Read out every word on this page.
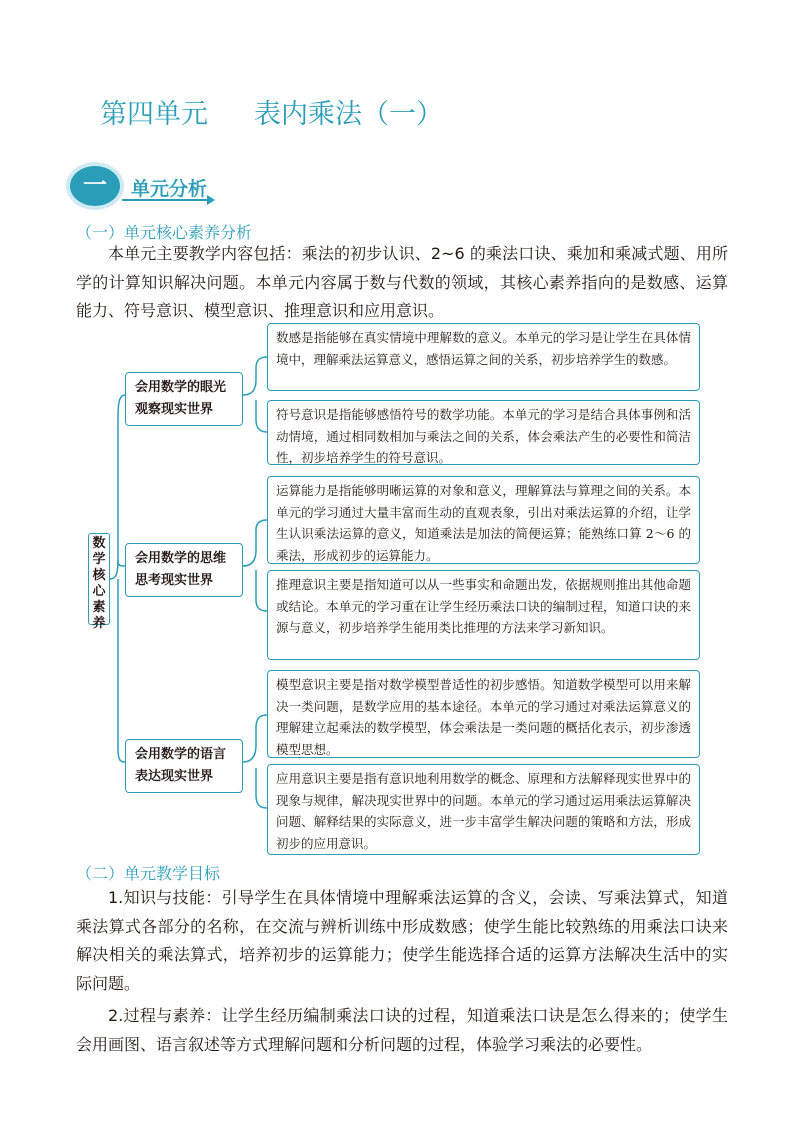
第四单元 表内乘法（一）
一	单元分析
（一）单元核心素养分析

本单元主要教学内容包括：乘法的初步认识、2~6 的乘法口诀、乘加和乘减式题、用所学的计算知识解决问题。本单元内容属于数与代数的领域，其核心素养指向的是数感、运算能力、符号意识、模型意识、推理意识和应用意识。

数学核心素养
会用数学的眼光观察现实世界
会用数学的思维思考现实世界
会用数学的语言表达现实世界
数感是指能够在真实情境中理解数的意义。本单元的学习是让学生在具体情境中，理解乘法运算意义，感悟运算之间的关系，初步培养学生的数感。
符号意识是指能够感悟符号的数学功能。本单元的学习是结合具体事例和活动情境，通过相同数相加与乘法之间的关系，体会乘法产生的必要性和简洁性，初步培养学生的符号意识。
运算能力是指能够明晰运算的对象和意义，理解算法与算理之间的关系。本单元的学习通过大量丰富而生动的直观表象，引出对乘法运算的介绍，让学生认识乘法运算的意义，知道乘法是加法的简便运算；能熟练口算 2～6 的乘法，形成初步的运算能力。
推理意识主要是指知道可以从一些事实和命题出发，依据规则推出其他命题或结论。本单元的学习重在让学生经历乘法口诀的编制过程，知道口诀的来源与意义，初步培养学生能用类比推理的方法来学习新知识。
模型意识主要是指对数学模型普适性的初步感悟。知道数学模型可以用来解决一类问题，是数学应用的基本途径。本单元的学习通过对乘法运算意义的理解建立起乘法的数学模型，体会乘法是一类问题的概括化表示，初步渗透模型思想。
应用意识主要是指有意识地利用数学的概念、原理和方法解释现实世界中的现象与规律，解决现实世界中的问题。本单元的学习通过运用乘法运算解决问题、解释结果的实际意义，进一步丰富学生解决问题的策略和方法，形成初步的应用意识。
（二）单元教学目标

1.知识与技能：引导学生在具体情境中理解乘法运算的含义，会读、写乘法算式，知道乘法算式各部分的名称，在交流与辨析训练中形成数感；使学生能比较熟练的用乘法口诀来解决相关的乘法算式，培养初步的运算能力；使学生能选择合适的运算方法解决生活中的实际问题。

2.过程与素养：让学生经历编制乘法口诀的过程，知道乘法口诀是怎么得来的；使学生会用画图、语言叙述等方式理解问题和分析问题的过程，体验学习乘法的必要性。
